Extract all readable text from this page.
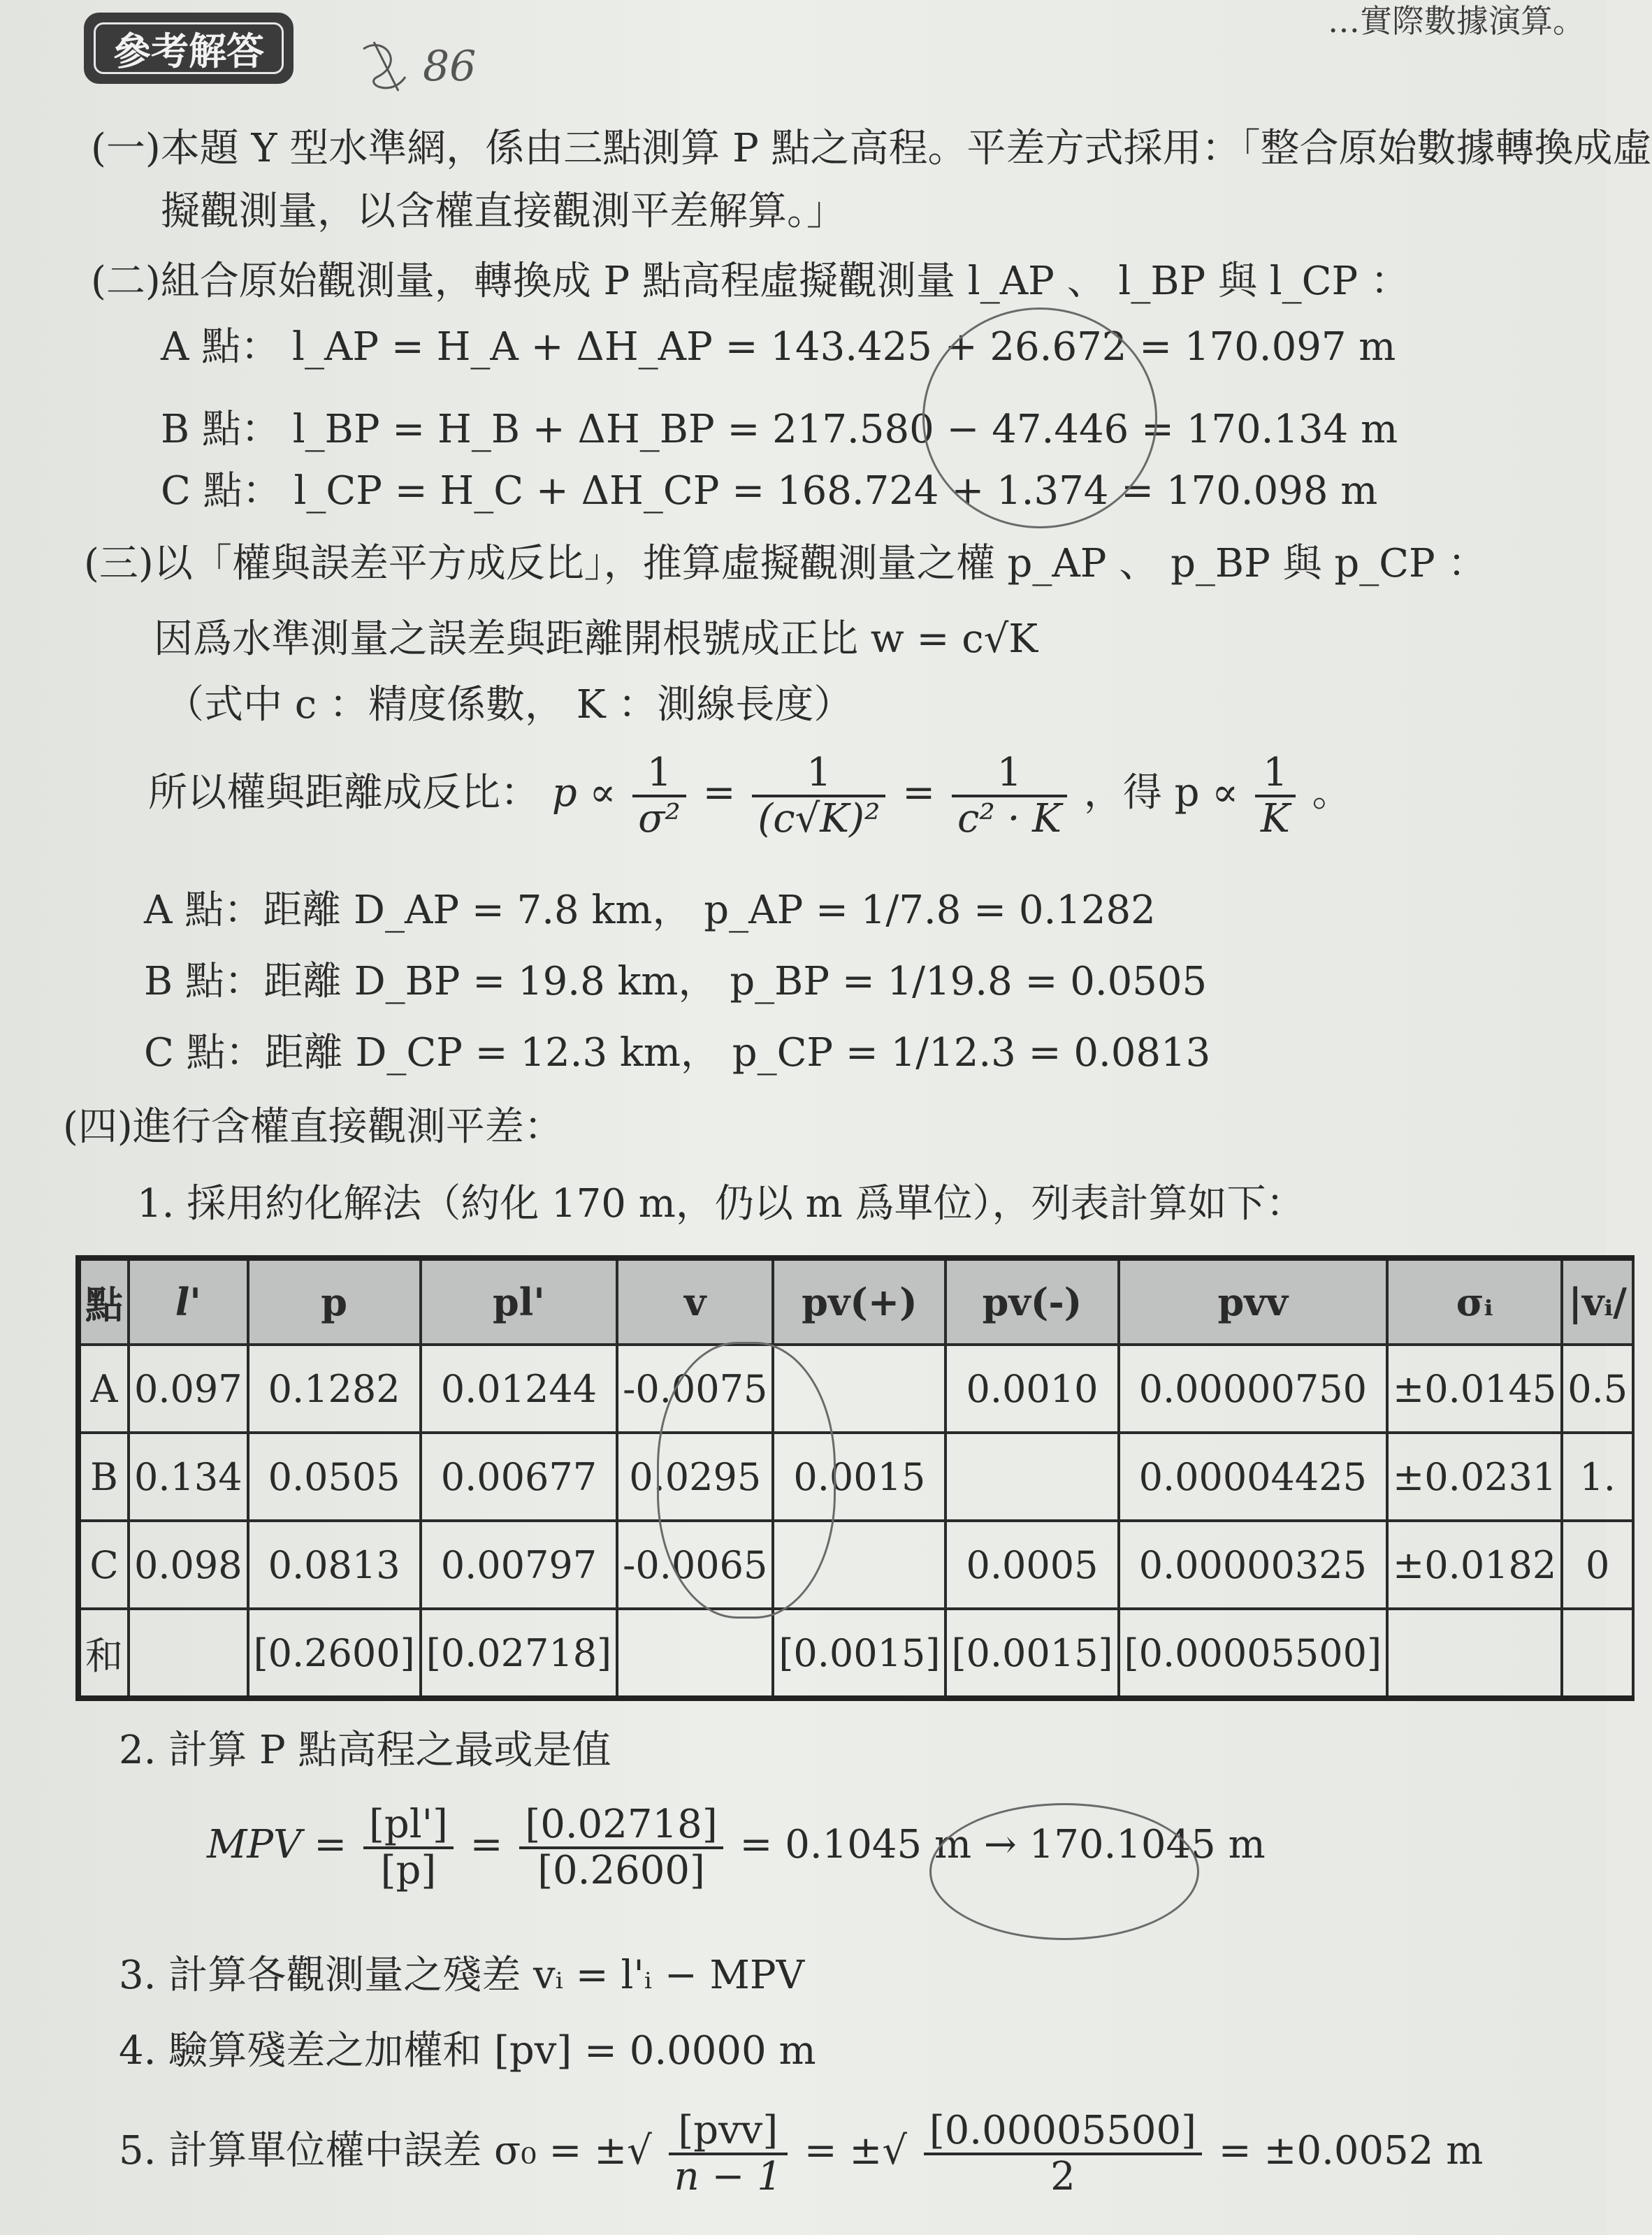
…實際數據演算。
參考解答	86
(一)本題 Y 型水準網，係由三點測算 P 點之高程。平差方式採用：「整合原始數據轉換成虛
擬觀測量，以含權直接觀測平差解算。」
(二)組合原始觀測量，轉換成 P 點高程虛擬觀測量 l_AP 、 l_BP 與 l_CP ：
A 點： l_AP = H_A + ΔH_AP = 143.425 + 26.672 = 170.097 m
B 點： l_BP = H_B + ΔH_BP = 217.580 − 47.446 = 170.134 m
C 點： l_CP = H_C + ΔH_CP = 168.724 + 1.374 = 170.098 m
(三)以「權與誤差平方成反比」，推算虛擬觀測量之權 p_AP 、 p_BP 與 p_CP ：
因爲水準測量之誤差與距離開根號成正比 w = c√K
（式中 c ：精度係數， K ：測線長度）
所以權與距離成反比： $p \propto \frac{1}{\text{σ²}} = \frac{1}{\text{(c√K)²}} = \frac{1}{\text{c² · K}}$ ，得 $p \propto \frac{1}{K}$ 。
A 點：距離 D_AP = 7.8 km， p_AP = 1/7.8 = 0.1282
B 點：距離 D_BP = 19.8 km， p_BP = 1/19.8 = 0.0505
C 點：距離 D_CP = 12.3 km， p_CP = 1/12.3 = 0.0813
(四)進行含權直接觀測平差：
1. 採用約化解法（約化 170 m，仍以 m 爲單位），列表計算如下：
點	l'	p	pl'	v	pv(+)	pv(-)	pvv	σᵢ	|vᵢ/
A	0.097	0.1282	0.01244	-0.0075		0.0010	0.00000750	±0.0145	0.5
B	0.134	0.0505	0.00677	0.0295	0.0015		0.00004425	±0.0231	1.
C	0.098	0.0813	0.00797	-0.0065		0.0005	0.00000325	±0.0182	0
和		[0.2600]	[0.02718]		[0.0015]	[0.0015]	[0.00005500]		
2. 計算 P 點高程之最或是值
MPV = $\frac{[pl']}{[p]} = \frac{[0.02718]}{[0.2600]} = 0.1045$ m → 170.1045 m
3. 計算各觀測量之殘差 vᵢ = l'ᵢ − MPV
4. 驗算殘差之加權和 [pv] = 0.0000 m
5. 計算單位權中誤差 σ₀ = ±√ $\frac{\text{[pvv]}}{n - 1}$ = ±√ $\frac{[0.00005500]}{2} = \pm 0.0052$ m
